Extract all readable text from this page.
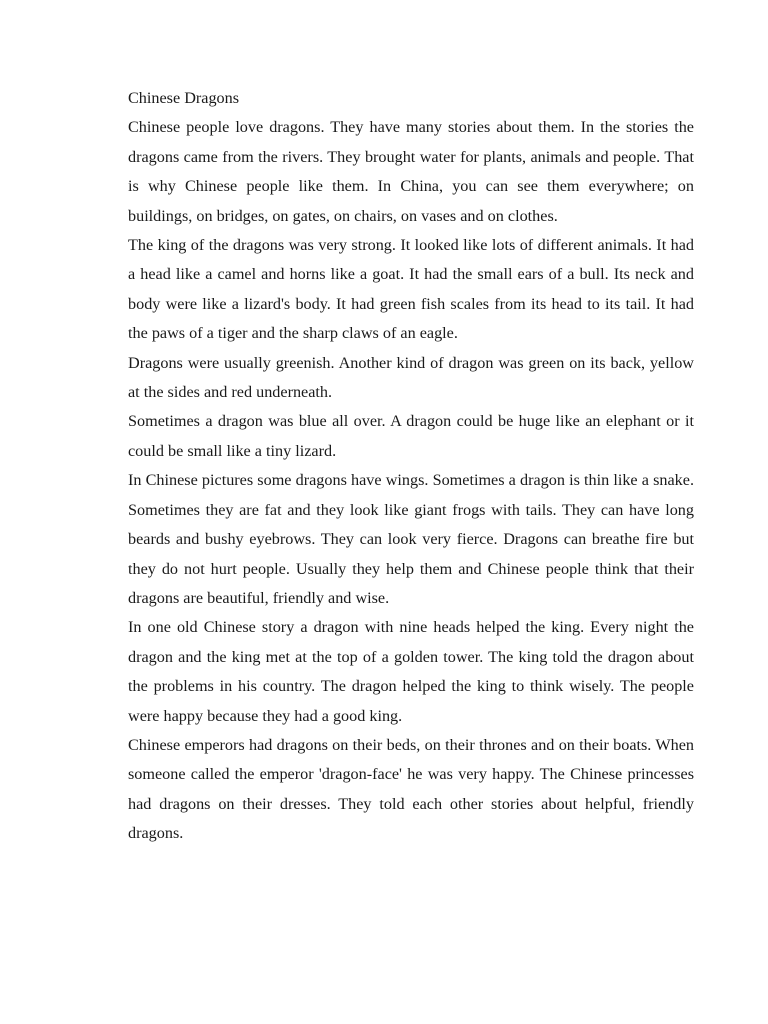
Chinese Dragons

Chinese people love dragons. They have many stories about them. In the stories the dragons came from the rivers. They brought water for plants, animals and people. That is why Chinese people like them. In China, you can see them everywhere; on buildings, on bridges, on gates, on chairs, on vases and on clothes.

The king of the dragons was very strong. It looked like lots of different animals. It had a head like a camel and horns like a goat. It had the small ears of a bull. Its neck and body were like a lizard's body. It had green fish scales from its head to its tail. It had the paws of a tiger and the sharp claws of an eagle.

Dragons were usually greenish. Another kind of dragon was green on its back, yellow at the sides and red underneath.

Sometimes a dragon was blue all over. A dragon could be huge like an elephant or it could be small like a tiny lizard.

In Chinese pictures some dragons have wings. Sometimes a dragon is thin like a snake. Sometimes they are fat and they look like giant frogs with tails. They can have long beards and bushy eyebrows. They can look very fierce. Dragons can breathe fire but they do not hurt people. Usually they help them and Chinese people think that their dragons are beautiful, friendly and wise.

In one old Chinese story a dragon with nine heads helped the king. Every night the dragon and the king met at the top of a golden tower. The king told the dragon about the problems in his country. The dragon helped the king to think wisely. The people were happy because they had a good king.

Chinese emperors had dragons on their beds, on their thrones and on their boats. When someone called the emperor 'dragon-face' he was very happy. The Chinese princesses had dragons on their dresses. They told each other stories about helpful, friendly dragons.
